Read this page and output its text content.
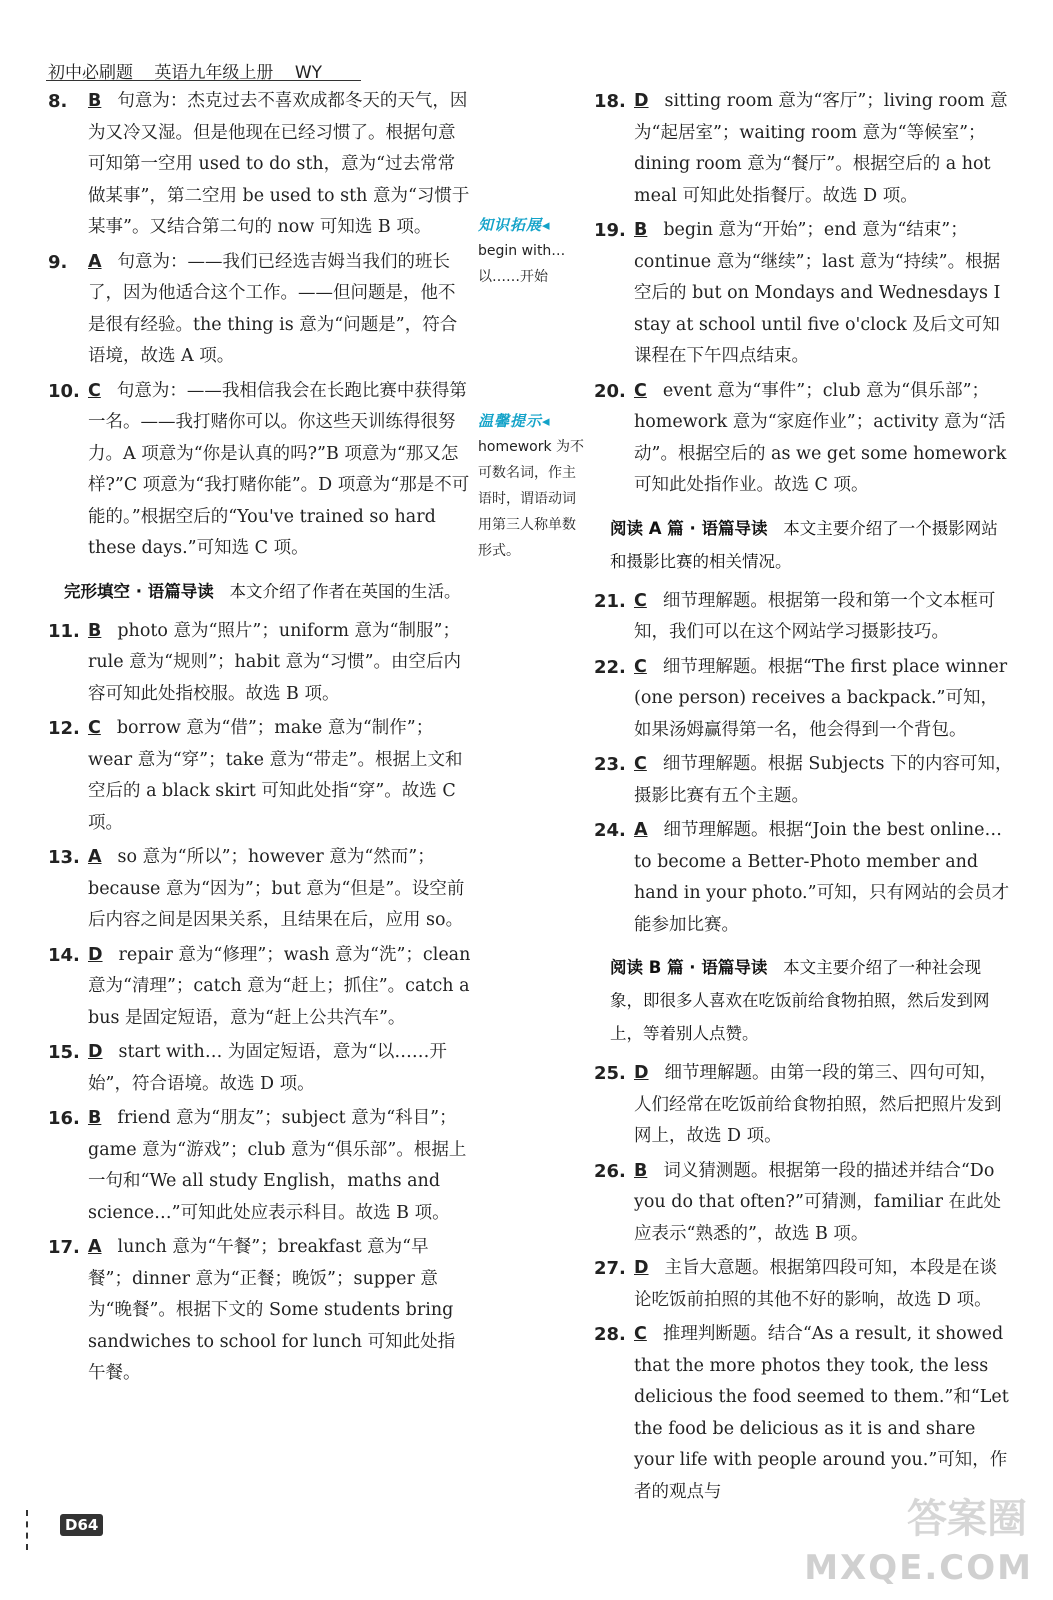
初中必刷题 英语九年级上册 WY
8. B 句意为：杰克过去不喜欢成都冬天的天气，因为又冷又湿。但是他现在已经习惯了。根据句意可知第一空用 used to do sth，意为“过去常常做某事”，第二空用 be used to sth 意为“习惯于某事”。又结合第二句的 now 可知选 B 项。
9. A 句意为：——我们已经选吉姆当我们的班长了，因为他适合这个工作。——但问题是，他不是很有经验。the thing is 意为“问题是”，符合语境，故选 A 项。
10. C 句意为：——我相信我会在长跑比赛中获得第一名。——我打赌你可以。你这些天训练得很努力。A 项意为“你是认真的吗?”B 项意为“那又怎样?”C 项意为“我打赌你能”。D 项意为“那是不可能的。”根据空后的“You've trained so hard these days.”可知选 C 项。
完形填空 · 语篇导读 本文介绍了作者在英国的生活。
11. B photo 意为“照片”；uniform 意为“制服”；rule 意为“规则”；habit 意为“习惯”。由空后内容可知此处指校服。故选 B 项。
12. C borrow 意为“借”；make 意为“制作”；wear 意为“穿”；take 意为“带走”。根据上文和空后的 a black skirt 可知此处指“穿”。故选 C 项。
13. A so 意为“所以”；however 意为“然而”；because 意为“因为”；but 意为“但是”。设空前后内容之间是因果关系，且结果在后，应用 so。
14. D repair 意为“修理”；wash 意为“洗”；clean 意为“清理”；catch 意为“赶上；抓住”。catch a bus 是固定短语，意为“赶上公共汽车”。
15. D start with… 为固定短语，意为“以……开始”，符合语境。故选 D 项。
16. B friend 意为“朋友”；subject 意为“科目”；game 意为“游戏”；club 意为“俱乐部”。根据上一句和“We all study English，maths and science…”可知此处应表示科目。故选 B 项。
17. A lunch 意为“午餐”；breakfast 意为“早餐”；dinner 意为“正餐；晚饭”；supper 意为“晚餐”。根据下文的 Some students bring sandwiches to school for lunch 可知此处指午餐。
知识拓展◂
begin with… 以……开始
温馨提示◂
homework 为不可数名词，作主语时，谓语动词用第三人称单数形式。
18. D sitting room 意为“客厅”；living room 意为“起居室”；waiting room 意为“等候室”；dining room 意为“餐厅”。根据空后的 a hot meal 可知此处指餐厅。故选 D 项。
19. B begin 意为“开始”；end 意为“结束”；continue 意为“继续”；last 意为“持续”。根据空后的 but on Mondays and Wednesdays I stay at school until five o'clock 及后文可知课程在下午四点结束。
20. C event 意为“事件”；club 意为“俱乐部”；homework 意为“家庭作业”；activity 意为“活动”。根据空后的 as we get some homework 可知此处指作业。故选 C 项。
阅读 A 篇 · 语篇导读 本文主要介绍了一个摄影网站和摄影比赛的相关情况。
21. C 细节理解题。根据第一段和第一个文本框可知，我们可以在这个网站学习摄影技巧。
22. C 细节理解题。根据“The first place winner (one person) receives a backpack.”可知，如果汤姆赢得第一名，他会得到一个背包。
23. C 细节理解题。根据 Subjects 下的内容可知，摄影比赛有五个主题。
24. A 细节理解题。根据“Join the best online… to become a Better-Photo member and hand in your photo.”可知，只有网站的会员才能参加比赛。
阅读 B 篇 · 语篇导读 本文主要介绍了一种社会现象，即很多人喜欢在吃饭前给食物拍照，然后发到网上，等着别人点赞。
25. D 细节理解题。由第一段的第三、四句可知，人们经常在吃饭前给食物拍照，然后把照片发到网上，故选 D 项。
26. B 词义猜测题。根据第一段的描述并结合“Do you do that often?”可猜测，familiar 在此处应表示“熟悉的”，故选 B 项。
27. D 主旨大意题。根据第四段可知，本段是在谈论吃饭前拍照的其他不好的影响，故选 D 项。
28. C 推理判断题。结合“As a result, it showed that the more photos they took, the less delicious the food seemed to them.”和“Let the food be delicious as it is and share your life with people around you.”可知，作者的观点与
D64	答案圈
MXQE.COM
